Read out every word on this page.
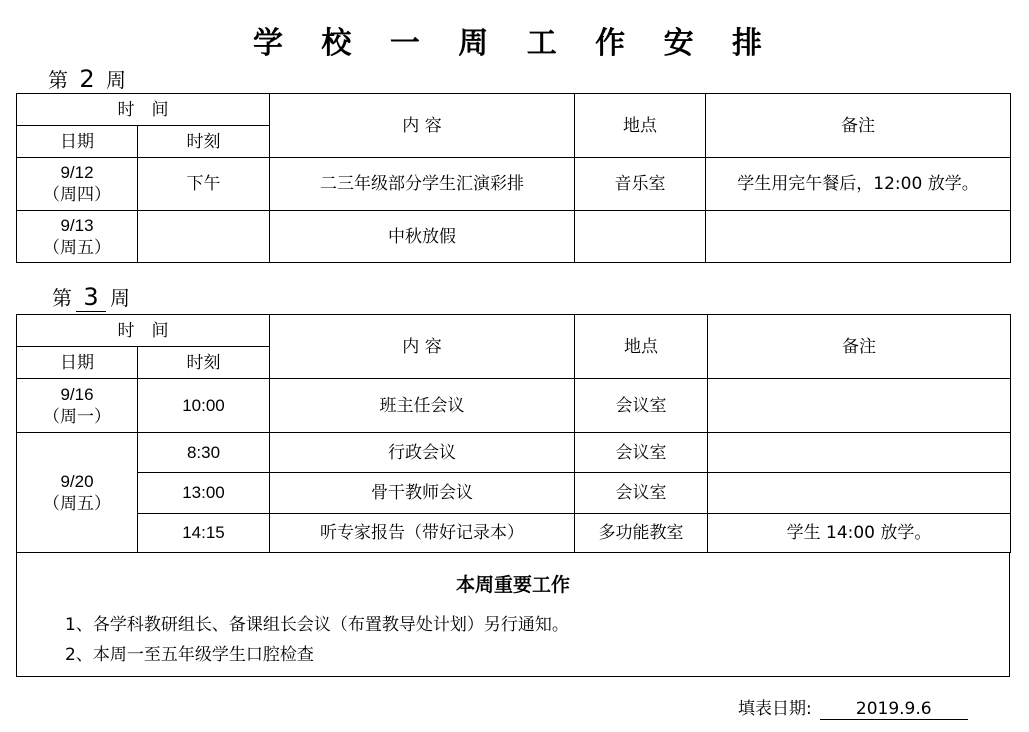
学 校 一 周 工 作 安 排
第 2 周
时　间		内 容	地点	备注
日期	时刻			

9/12
（周四）	下午	二三年级部分学生汇演彩排	音乐室	学生用完午餐后，12:00 放学。

9/13
（周五）		中秋放假		
第 3 周
时　间		内 容	地点	备注
日期	时刻			

9/16
（周一）	10:00	班主任会议	会议室	

9/20
（周五）	8:30	行政会议	会议室	
	13:00	骨干教师会议	会议室	
	14:15	听专家报告（带好记录本）	多功能教室	学生 14:00 放学。
本周重要工作
1、各学科教研组长、备课组长会议（布置教导处计划）另行通知。
2、本周一至五年级学生口腔检查
填表日期:	2019.9.6
